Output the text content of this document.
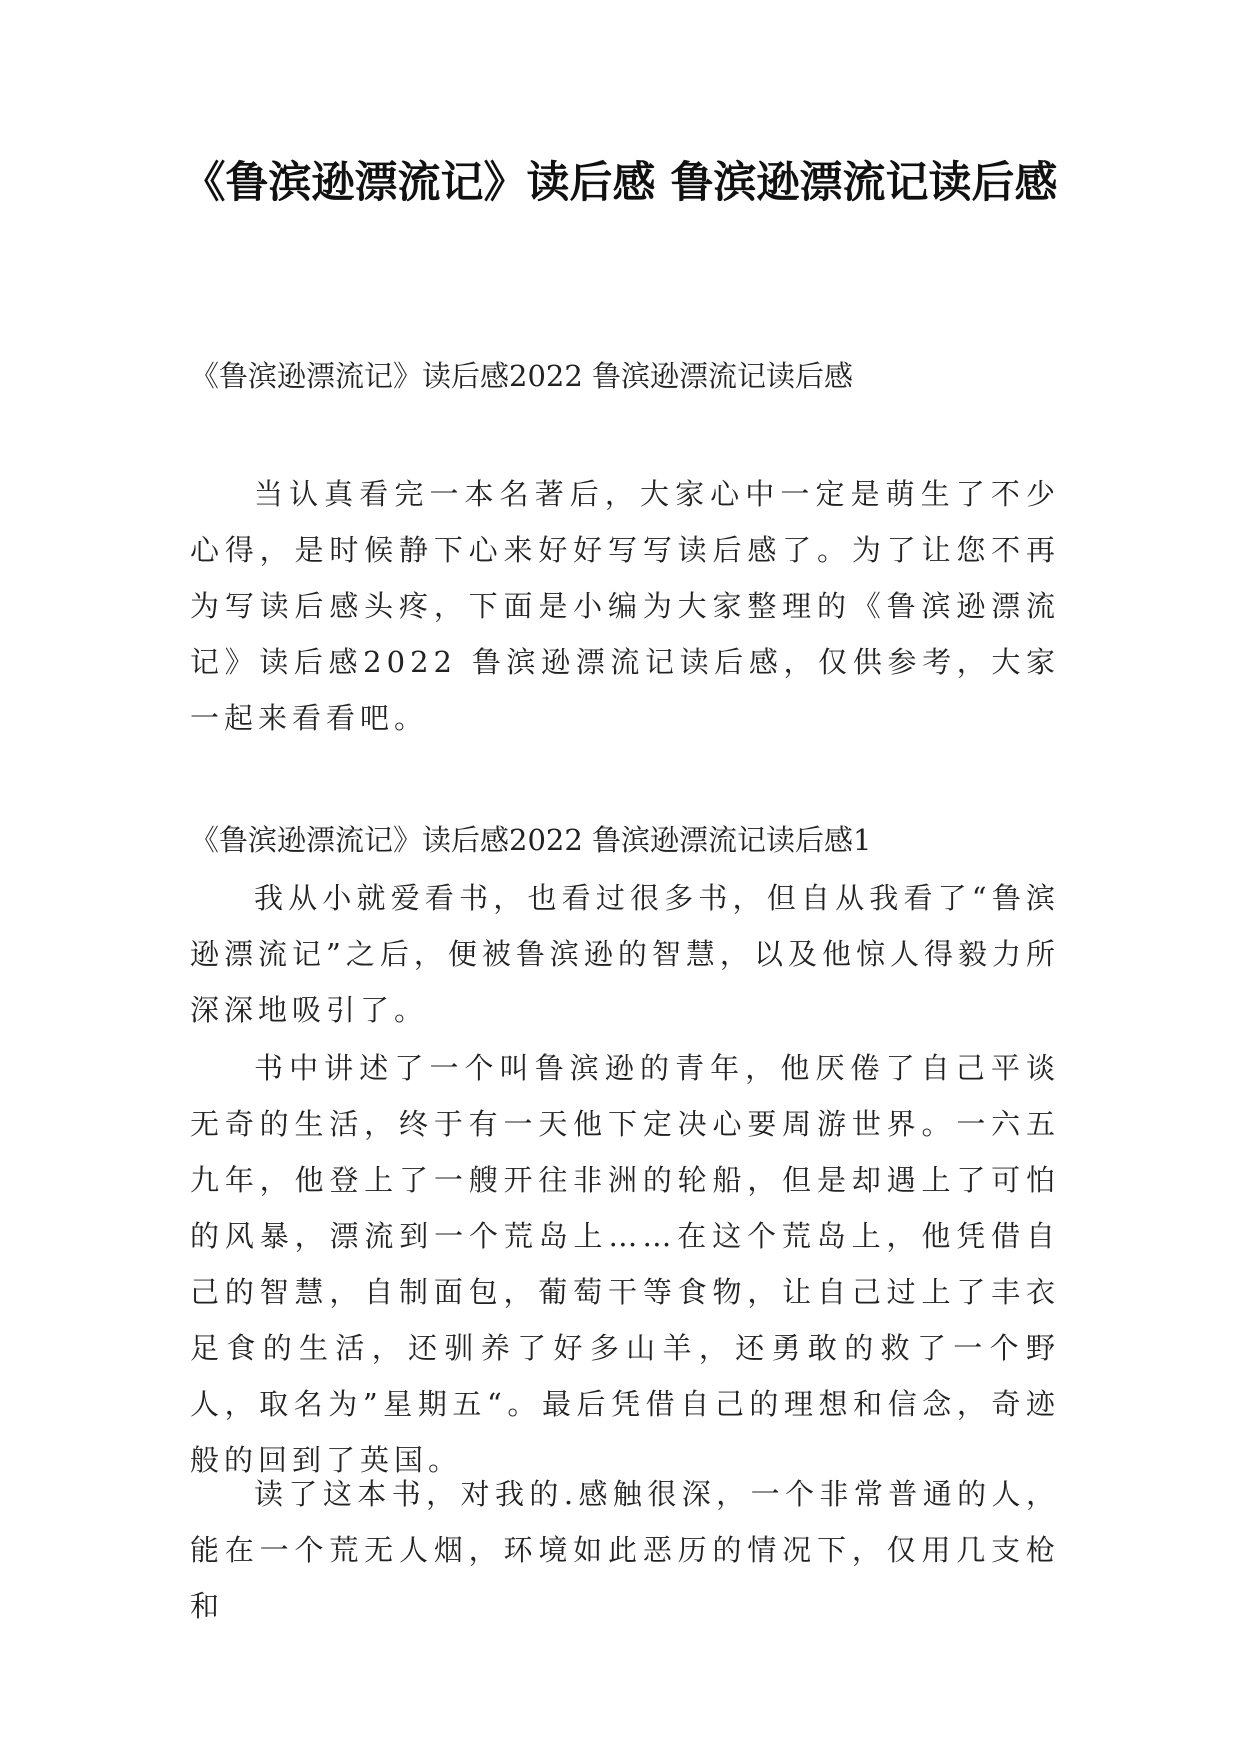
《鲁滨逊漂流记》读后感 鲁滨逊漂流记读后感

《鲁滨逊漂流记》读后感2022 鲁滨逊漂流记读后感

当认真看完一本名著后，大家心中一定是萌生了不少心得，是时候静下心来好好写写读后感了。为了让您不再为写读后感头疼，下面是小编为大家整理的《鲁滨逊漂流记》读后感2022 鲁滨逊漂流记读后感，仅供参考，大家一起来看看吧。

《鲁滨逊漂流记》读后感2022 鲁滨逊漂流记读后感1

我从小就爱看书，也看过很多书，但自从我看了“鲁滨逊漂流记”之后，便被鲁滨逊的智慧，以及他惊人得毅力所深深地吸引了。

书中讲述了一个叫鲁滨逊的青年，他厌倦了自己平谈无奇的生活，终于有一天他下定决心要周游世界。一六五九年，他登上了一艘开往非洲的轮船，但是却遇上了可怕的风暴，漂流到一个荒岛上……在这个荒岛上，他凭借自己的智慧，自制面包，葡萄干等食物，让自己过上了丰衣足食的生活，还驯养了好多山羊，还勇敢的救了一个野人，取名为”星期五“。最后凭借自己的理想和信念，奇迹般的回到了英国。

读了这本书，对我的.感触很深，一个非常普通的人，能在一个荒无人烟，环境如此恶历的情况下，仅用几支枪和
